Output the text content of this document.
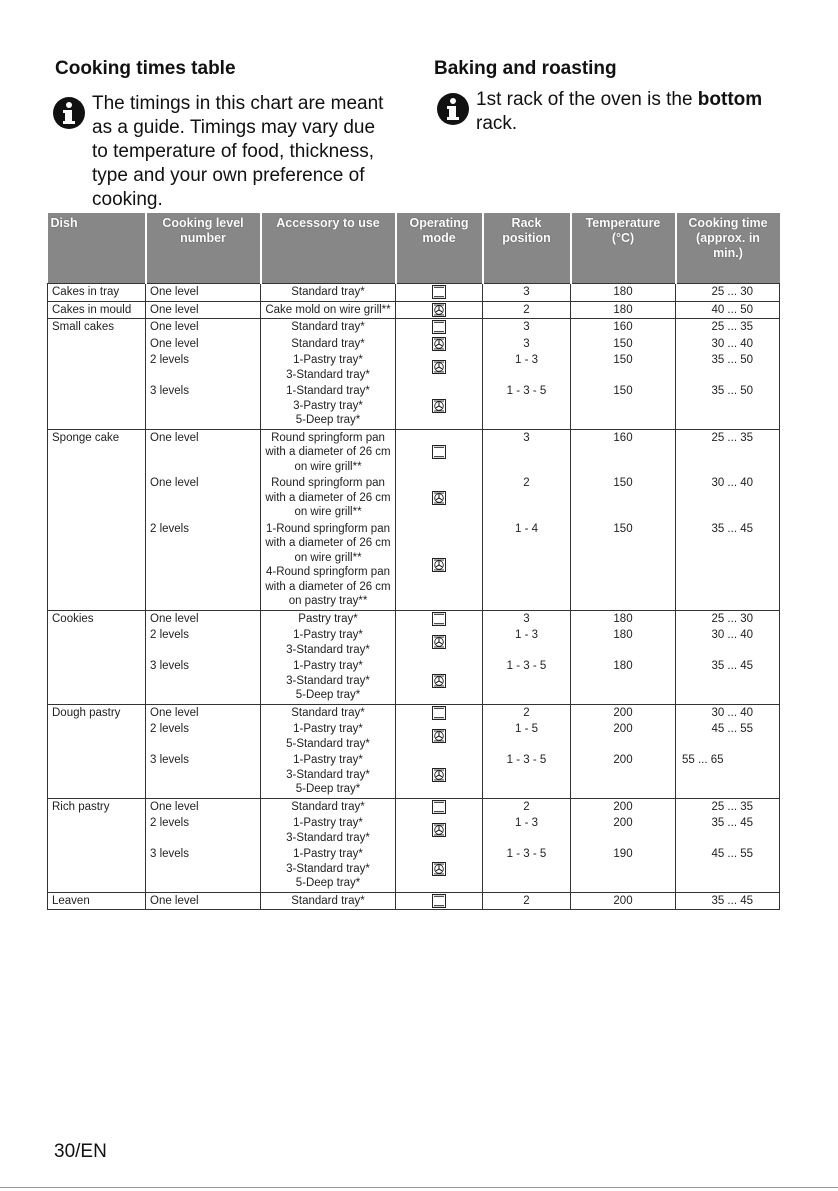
Cooking times table	Baking and roasting
The timings in this chart are meant as a guide. Timings may vary due to temperature of food, thickness, type and your own preference of cooking.
1st rack of the oven is the bottom rack.
Dish	Cooking level number	Accessory to use	Operating mode	Rack position	Temperature (°C)	Cooking time (approx. in min.)
Cakes in tray	One level	Standard tray*		3	180	25 ... 30
Cakes in mould	One level	Cake mold on wire grill**		2	180	40 ... 50
Small cakes	One level	Standard tray*		3	160	25 ... 35
	One level	Standard tray*		3	150	30 ... 40
	2 levels	1-Pastry tray*
3-Standard tray*		1 - 3	150	35 ... 50
	3 levels	1-Standard tray*
3-Pastry tray*
5-Deep tray*		1 - 3 - 5	150	35 ... 50
Sponge cake	One level	Round springform pan with a diameter of 26 cm on wire grill**		3	160	25 ... 35
	One level	Round springform pan with a diameter of 26 cm on wire grill**		2	150	30 ... 40
	2 levels	1-Round springform pan with a diameter of 26 cm on wire grill**
4-Round springform pan with a diameter of 26 cm on pastry tray**		1 - 4	150	35 ... 45
Cookies	One level	Pastry tray*		3	180	25 ... 30
	2 levels	1-Pastry tray*
3-Standard tray*		1 - 3	180	30 ... 40
	3 levels	1-Pastry tray*
3-Standard tray*
5-Deep tray*		1 - 3 - 5	180	35 ... 45
Dough pastry	One level	Standard tray*		2	200	30 ... 40
	2 levels	1-Pastry tray*
5-Standard tray*		1 - 5	200	45 ... 55
	3 levels	1-Pastry tray*
3-Standard tray*
5-Deep tray*		1 - 3 - 5	200	55 ... 65
Rich pastry	One level	Standard tray*		2	200	25 ... 35
	2 levels	1-Pastry tray*
3-Standard tray*		1 - 3	200	35 ... 45
	3 levels	1-Pastry tray*
3-Standard tray*
5-Deep tray*		1 - 3 - 5	190	45 ... 55
Leaven	One level	Standard tray*		2	200	35 ... 45
30/EN
